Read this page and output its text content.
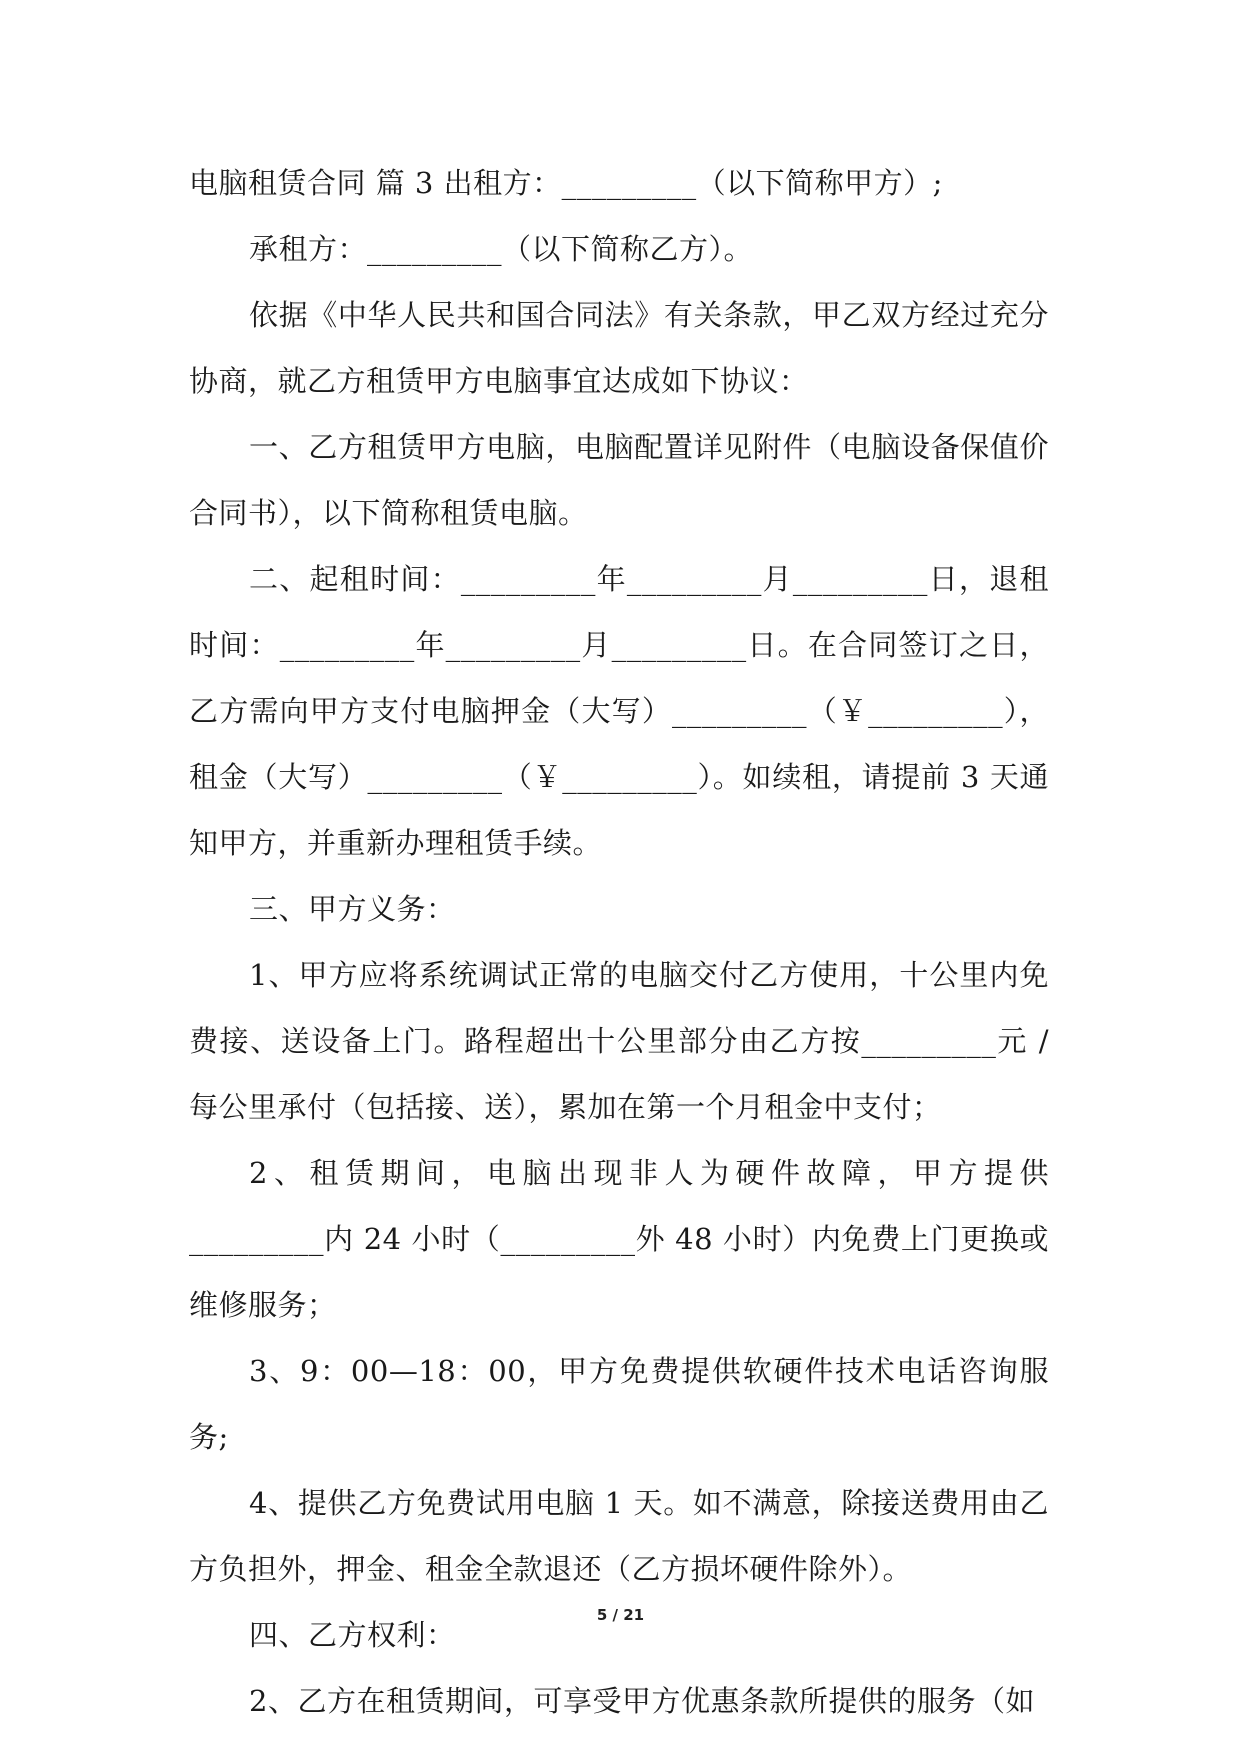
电脑租赁合同 篇 3 出租方：_________（以下简称甲方）;

承租方：_________（以下简称乙方）。

依据《中华人民共和国合同法》有关条款，甲乙双方经过充分协商，就乙方租赁甲方电脑事宜达成如下协议：

一、乙方租赁甲方电脑，电脑配置详见附件（电脑设备保值价合同书），以下简称租赁电脑。

二、起租时间：_________年_________月_________日，退租时间：_________年_________月_________日。在合同签订之日，乙方需向甲方支付电脑押金（大写）_________（￥_________），租金（大写）_________（￥_________）。如续租，请提前 3 天通知甲方，并重新办理租赁手续。

三、甲方义务：

1、甲方应将系统调试正常的电脑交付乙方使用，十公里内免费接、送设备上门。路程超出十公里部分由乙方按_________元 / 每公里承付（包括接、送），累加在第一个月租金中支付；

2、租赁期间，电脑出现非人为硬件故障，甲方提供_________内 24 小时（_________外 48 小时）内免费上门更换或维修服务；

3、9：00—18：00，甲方免费提供软硬件技术电话咨询服务;

4、提供乙方免费试用电脑 1 天。如不满意，除接送费用由乙方负担外，押金、租金全款退还（乙方损坏硬件除外）。

四、乙方权利：

2、乙方在租赁期间，可享受甲方优惠条款所提供的服务（如

5 / 21
